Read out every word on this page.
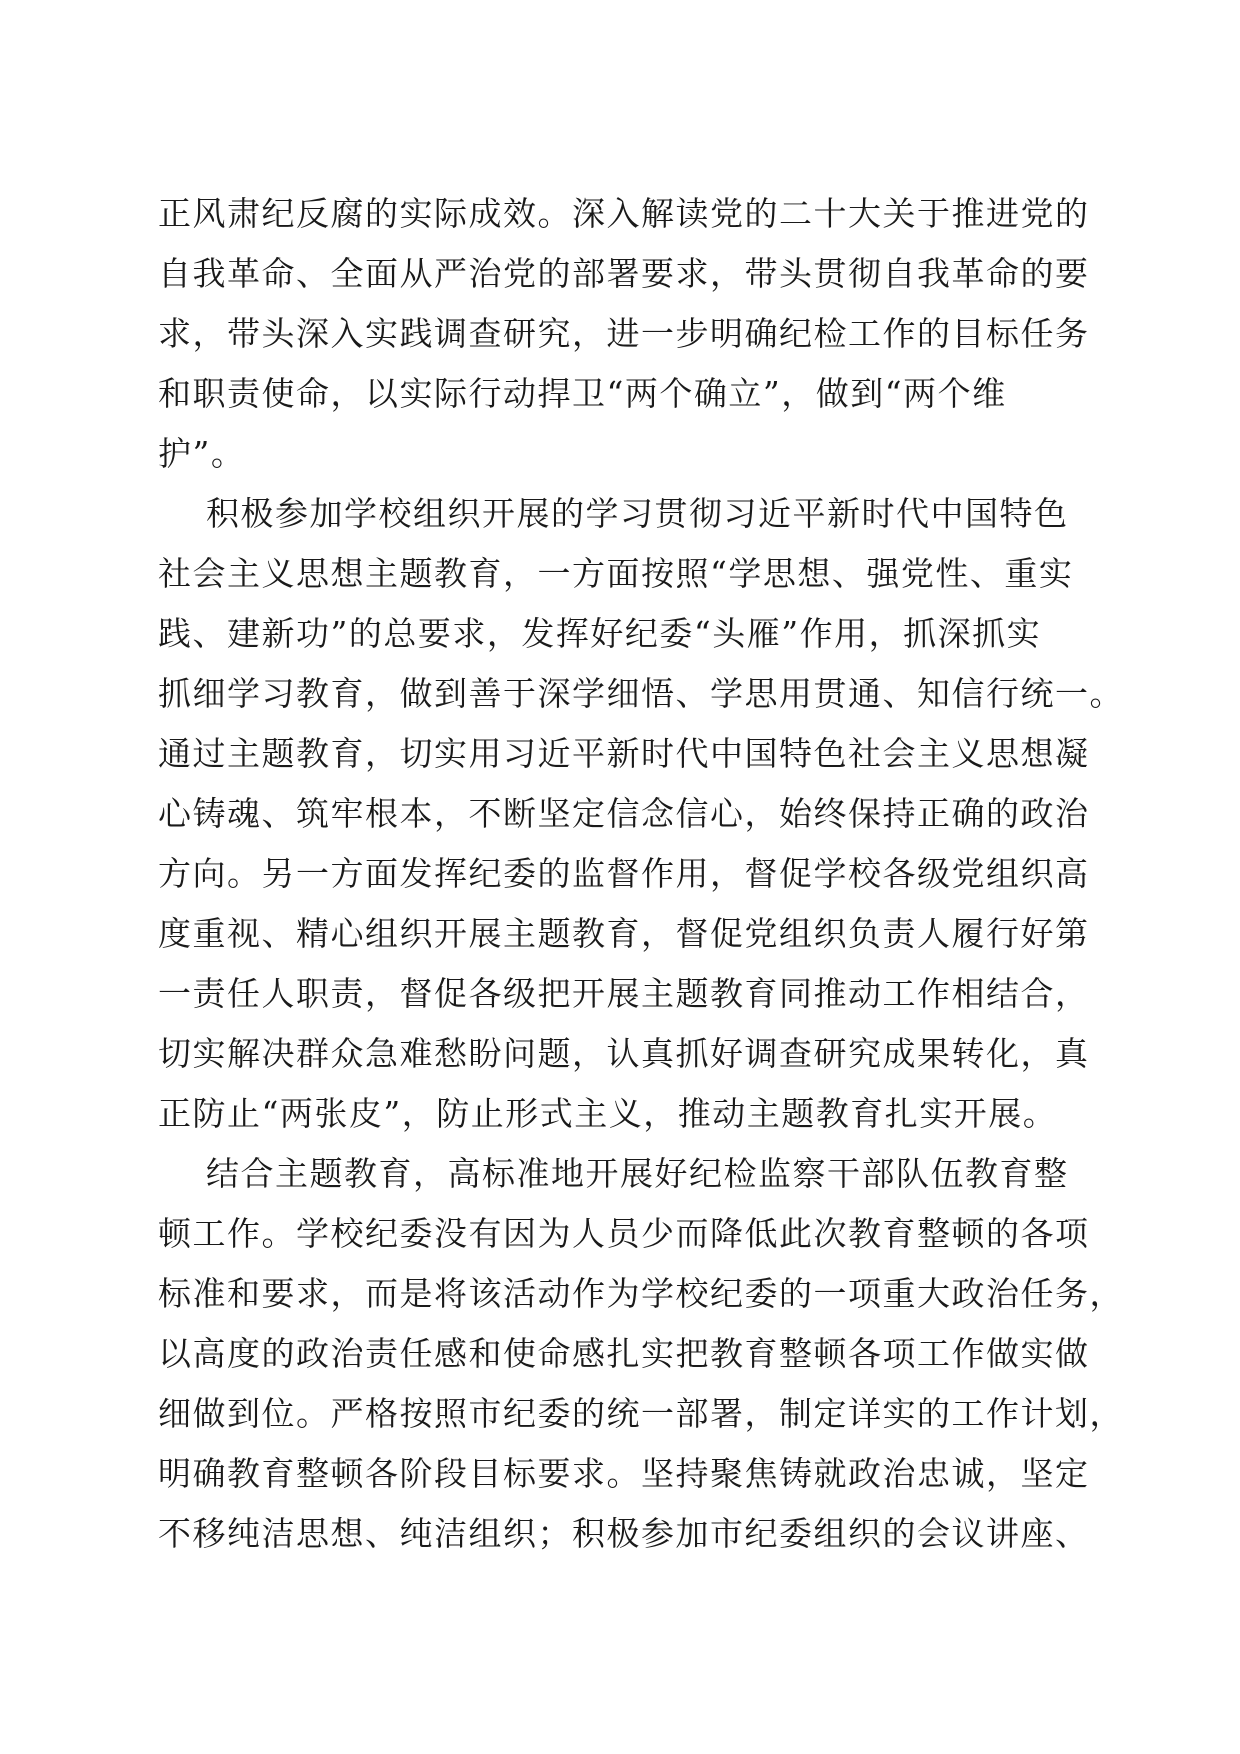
正风肃纪反腐的实际成效。深入解读党的二十大关于推进党的
自我革命、全面从严治党的部署要求，带头贯彻自我革命的要
求，带头深入实践调查研究，进一步明确纪检工作的目标任务
和职责使命，以实际行动捍卫“两个确立”，做到“两个维
护”。
积极参加学校组织开展的学习贯彻习近平新时代中国特色
社会主义思想主题教育，一方面按照“学思想、强党性、重实
践、建新功”的总要求，发挥好纪委“头雁”作用，抓深抓实
抓细学习教育，做到善于深学细悟、学思用贯通、知信行统一。
通过主题教育，切实用习近平新时代中国特色社会主义思想凝
心铸魂、筑牢根本，不断坚定信念信心，始终保持正确的政治
方向。另一方面发挥纪委的监督作用，督促学校各级党组织高
度重视、精心组织开展主题教育，督促党组织负责人履行好第
一责任人职责，督促各级把开展主题教育同推动工作相结合，
切实解决群众急难愁盼问题，认真抓好调查研究成果转化，真
正防止“两张皮”，防止形式主义，推动主题教育扎实开展。
结合主题教育，高标准地开展好纪检监察干部队伍教育整
顿工作。学校纪委没有因为人员少而降低此次教育整顿的各项
标准和要求，而是将该活动作为学校纪委的一项重大政治任务，
以高度的政治责任感和使命感扎实把教育整顿各项工作做实做
细做到位。严格按照市纪委的统一部署，制定详实的工作计划，
明确教育整顿各阶段目标要求。坚持聚焦铸就政治忠诚，坚定
不移纯洁思想、纯洁组织；积极参加市纪委组织的会议讲座、
